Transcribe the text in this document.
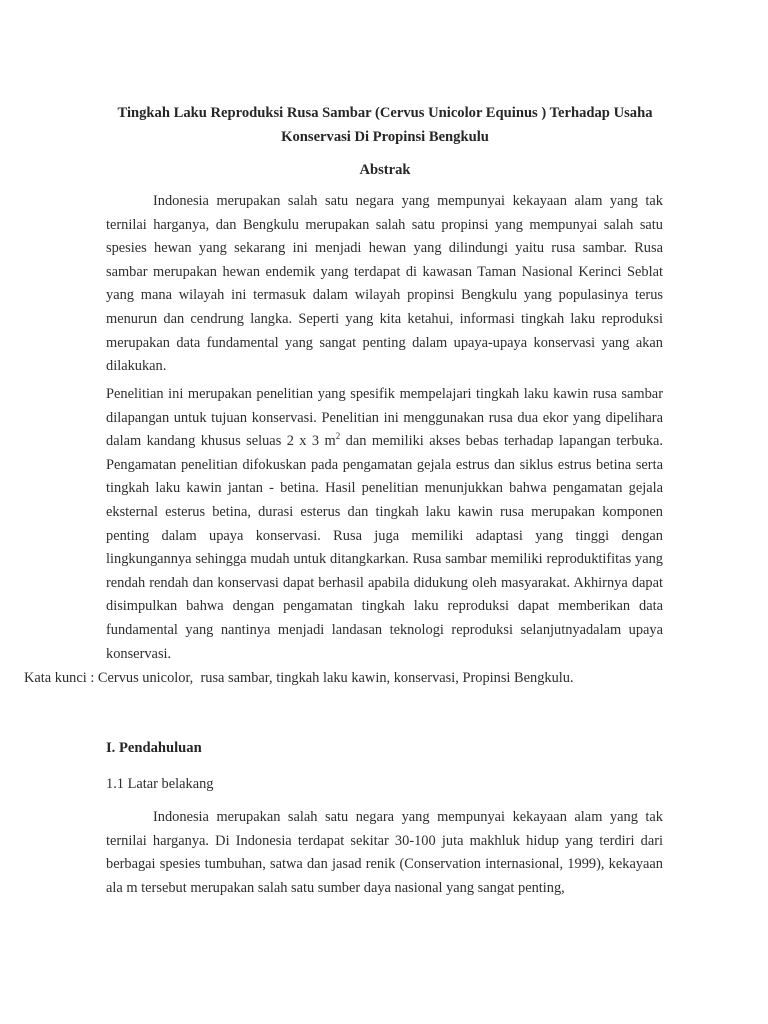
Tingkah Laku Reproduksi Rusa Sambar (Cervus Unicolor Equinus ) Terhadap Usaha
Konservasi Di Propinsi Bengkulu
Abstrak

Indonesia merupakan salah satu negara yang mempunyai kekayaan alam yang tak ternilai harganya, dan Bengkulu merupakan salah satu propinsi yang mempunyai salah satu spesies hewan yang sekarang ini menjadi hewan yang dilindungi yaitu rusa sambar. Rusa sambar merupakan hewan endemik yang terdapat di kawasan Taman Nasional Kerinci Seblat yang mana wilayah ini termasuk dalam wilayah propinsi Bengkulu yang populasinya terus menurun dan cendrung langka. Seperti yang kita ketahui, informasi tingkah laku reproduksi merupakan data fundamental yang sangat penting dalam upaya-upaya konservasi yang akan dilakukan.

Penelitian ini merupakan penelitian yang spesifik mempelajari tingkah laku kawin rusa sambar dilapangan untuk tujuan konservasi. Penelitian ini menggunakan rusa dua ekor yang dipelihara dalam kandang khusus seluas 2 x 3 $m^2$ dan memiliki akses bebas terhadap lapangan terbuka. Pengamatan penelitian difokuskan pada pengamatan gejala estrus dan siklus estrus betina serta tingkah laku kawin jantan - betina. Hasil penelitian menunjukkan bahwa pengamatan gejala eksternal esterus betina, durasi esterus dan tingkah laku kawin rusa merupakan komponen penting dalam upaya konservasi. Rusa juga memiliki adaptasi yang tinggi dengan lingkungannya sehingga mudah untuk ditangkarkan. Rusa sambar memiliki reproduktifitas yang rendah rendah dan konservasi dapat berhasil apabila didukung oleh masyarakat. Akhirnya dapat disimpulkan bahwa dengan pengamatan tingkah laku reproduksi dapat memberikan data fundamental yang nantinya menjadi landasan teknologi reproduksi selanjutnyadalam upaya konservasi.

Kata kunci : Cervus unicolor,  rusa sambar, tingkah laku kawin, konservasi, Propinsi Bengkulu.
I. Pendahuluan
1.1 Latar belakang

Indonesia merupakan salah satu negara yang mempunyai kekayaan alam yang tak ternilai harganya. Di Indonesia terdapat sekitar 30-100 juta makhluk hidup yang terdiri dari berbagai spesies tumbuhan, satwa dan jasad renik (Conservation internasional, 1999), kekayaan ala m tersebut merupakan salah satu sumber daya nasional yang sangat penting,
